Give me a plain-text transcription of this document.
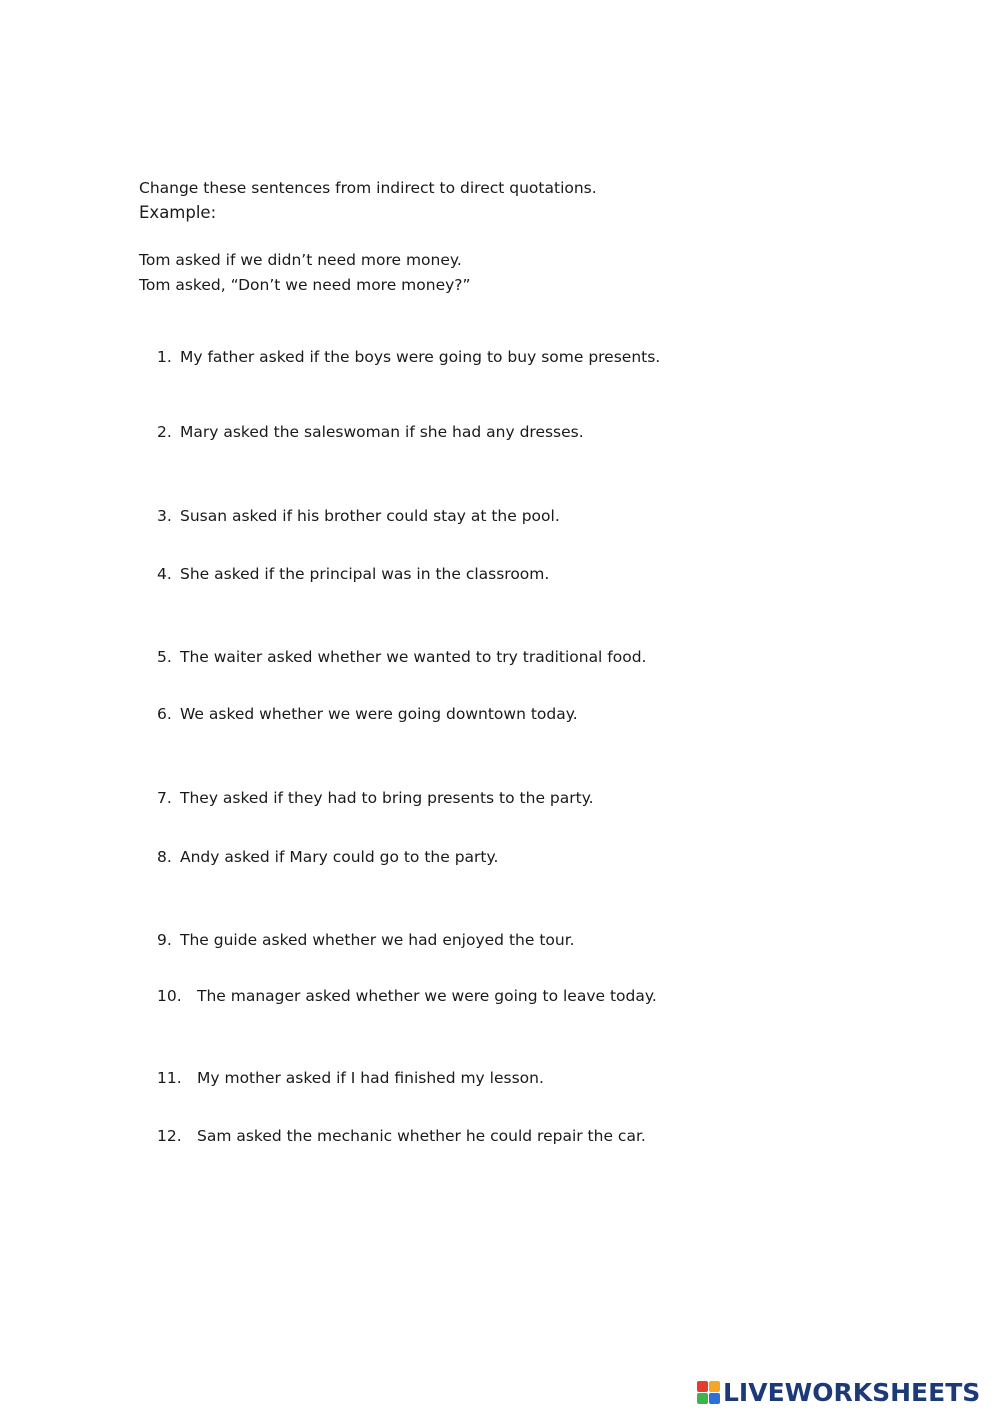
Change these sentences from indirect to direct quotations.
Example:
Tom asked if we didn’t need more money.
Tom asked, “Don’t we need more money?”
1. My father asked if the boys were going to buy some presents.
2. Mary asked the saleswoman if she had any dresses.
3. Susan asked if his brother could stay at the pool.
4. She asked if the principal was in the classroom.
5. The waiter asked whether we wanted to try traditional food.
6. We asked whether we were going downtown today.
7. They asked if they had to bring presents to the party.
8. Andy asked if Mary could go to the party.
9. The guide asked whether we had enjoyed the tour.
10. The manager asked whether we were going to leave today.
11. My mother asked if I had finished my lesson.
12. Sam asked the mechanic whether he could repair the car.
LIVEWORKSHEETS
